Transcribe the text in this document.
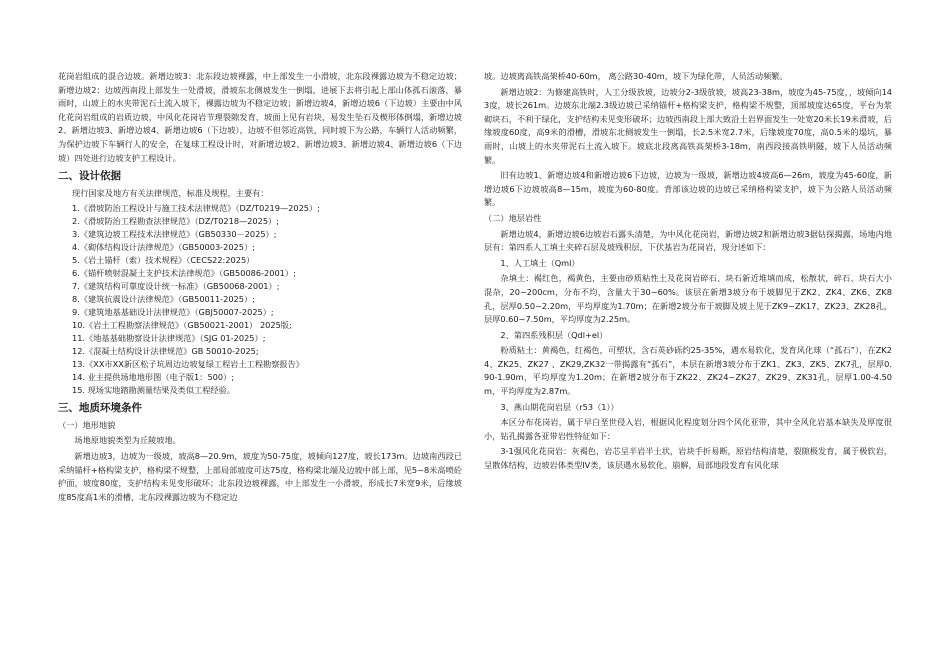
花岗岩组成的混合边坡。新增边坡3：北东段边坡裸露，中上部发生一小滑坡，北东段裸露边坡为不稳定边坡；新增边坡2：边坡西南段上部发生一处滑坡，滑坡东北侧坡发生一倒塌，进展下去将引起上部山体孤石滚落，暴雨时，山坡上的水夹带泥石土流入坡下，裸露边坡为不稳定边坡；新增边坡4，新增边坡6（下边坡）主要由中风化花岗岩组成的岩质边坡，中风化花岗岩节理裂隙发育，坡面上见有岩块，易发生坠石及楔形体倒塌，新增边坡2、新增边坡3、新增边坡4、新增边坡6（下边坡），边坡不但邻近高铁，同时坡下为公路，车辆行人活动频繁，为保护边坡下车辆行人的安全，在复球工程设计时，对新增边坡2、新增边坡3、新增边坡4、新增边坡6（下边坡）四处进行边坡支护工程设计。

二、设计依据

现行国家及地方有关法律规范，标准及规程，主要有：

1.《滑坡防治工程设计与施工技术法律规范》（DZ/T0219—2025）;
2.《滑坡防治工程勘查法律规范》（DZ/T0218—2025）;
3.《建筑边坡工程技术法律规范》（GB50330－2025）;
4.《砌体结构设计法律规范》（GB50003-2025）;
5.《岩土锚杆（索）技术规程》（CECS22:2025）
6.《锚杆喷射混凝土支护技术法律规范》（GB50086-2001）;
7.《建筑结构可靠度设计统一标准》（GB50068-2001）;
8.《建筑抗震设计法律规范》（GB50011-2025）;
9.《建筑地基基础设计法律规范》（GBJ50007-2025）;
10.《岩土工程勘察法律规范》（GB50021-2001） 2025版;
11.《地基基础勘察设计法律规范》（SJG 01-2025）;
12.《混凝土结构设计法律规范》GB 50010-2025;
13.《XX市XX新区松子坑周边边坡复绿工程岩土工程勘察报告》
14. 业主提供场地地形图（电子版1：500）;
15. 现场实地踏勘测量结果及类似工程经验。
三、地质环境条件
（一）地形地貌

场地原地貌类型为丘陵坡地。

新增边坡3，边坡为一级坡，坡高8—20.9m，坡度为50-75度，坡倾向127度，坡长173m。边坡南西段已采纳锚杆+格构梁支护，格构梁不规整，上部局部坡度可达75度，格构梁北端及边坡中部上部，见5~8米高喷砼护面，坡度80度，支护结构未见变形破坏；北东段边坡裸露，中上部发生一小滑坡，形成长7米宽9米，后缘坡度85度高1米的滑槽，北东段裸露边坡为不稳定边

坡。边坡离高铁高架桥40-60m， 离公路30-40m，坡下为绿化带，人员活动频繁。

新增边坡2：为修建高铁时，人工分级放坡，边坡分2-3级放坡，坡高23-38m，坡度为45-75度，，坡倾向143度，坡长261m。边坡东北端2.3级边坡已采纳锚杆+格构梁支护，格构梁不规整，顶部坡度达65度，平台为浆砌块石，不利于绿化，支护结构未见变形破坏；边坡西南段上部大致沿土岩界面发生一处宽20米长19米滑坡，后缘坡度60度，高9米的滑槽，滑坡东北侧坡发生一倒塌，长2.5米宽2.7米，后缘坡度70度，高0.5米的塌坑，暴雨时，山坡上的水夹带泥石土流入坡下。坡底北段离高铁高架桥3-18m，南西段接高铁明隧，坡下人员活动频繁。

旧有边坡1、新增边坡4和新增边坡6下边坡，边坡为一级坡，新增边坡4坡高6—26m，坡度为45-60度，新增边坡6下边坡坡高8—15m，坡度为60-80度。背部该边坡的边坡已采纳格构梁支护，坡下为公路人员活动频繁。

（二）地层岩性

新增边坡4，新增边坡6边坡岩石露头清楚，为中风化花岗岩，新增边坡2和新增边坡3据钻探揭露，场地内地层有：第四系人工填土夹碎石层及坡残积层，下伏基岩为花岗岩，现分述如下：

1、人工填土（Qml）

杂填土：褐红色，褐黄色，主要由砂质粘性土及花岗岩碎石、块石新近堆填而成，松散状，碎石、块石大小混杂，20~200cm，分布不均，含量大于30~60%。该层在新增3坡分布于坡脚见于ZK2、ZK4、ZK6、ZK8孔，层厚0.50~2.20m，平均厚度为1.70m；在新增2坡分布于坡脚及坡上见于ZK9~ZK17、ZK23、ZK28孔，层厚0.60~7.50m，平均厚度为2.25m。

2、第四系残积层（Qdl+el）

粉质粘土：黄褐色，红褐色，可塑状，含石英砂砾约25-35%，遇水易软化，发育风化球（“孤石”），在ZK24、ZK25、ZK27 、ZK29,ZK32一带揭露有“孤石”，本层在新增3坡分布于ZK1、ZK3、ZK5、ZK7孔，层厚0.90-1.90m，平均厚度为1.20m；在新增2坡分布于ZK22、ZK24~ZK27、ZK29、ZK31孔，层厚1.00-4.50m，平均厚度为2.87m。

3、燕山期花岗岩层（r53（1））

本区分布花岗岩，属于早白垩世侵入岩，根据风化程度划分四个风化亚带，其中全风化岩基本缺失及厚度很小，钻孔揭露各亚带岩性特征如下：

3-1强风化花岗岩：灰褐色，岩芯呈半岩半土状，岩块手折易断，原岩结构清楚，裂隙极发育，属于极软岩，呈散体结构，边坡岩体类型IV类，该层遇水易软化、崩解，局部地段发育有风化球
